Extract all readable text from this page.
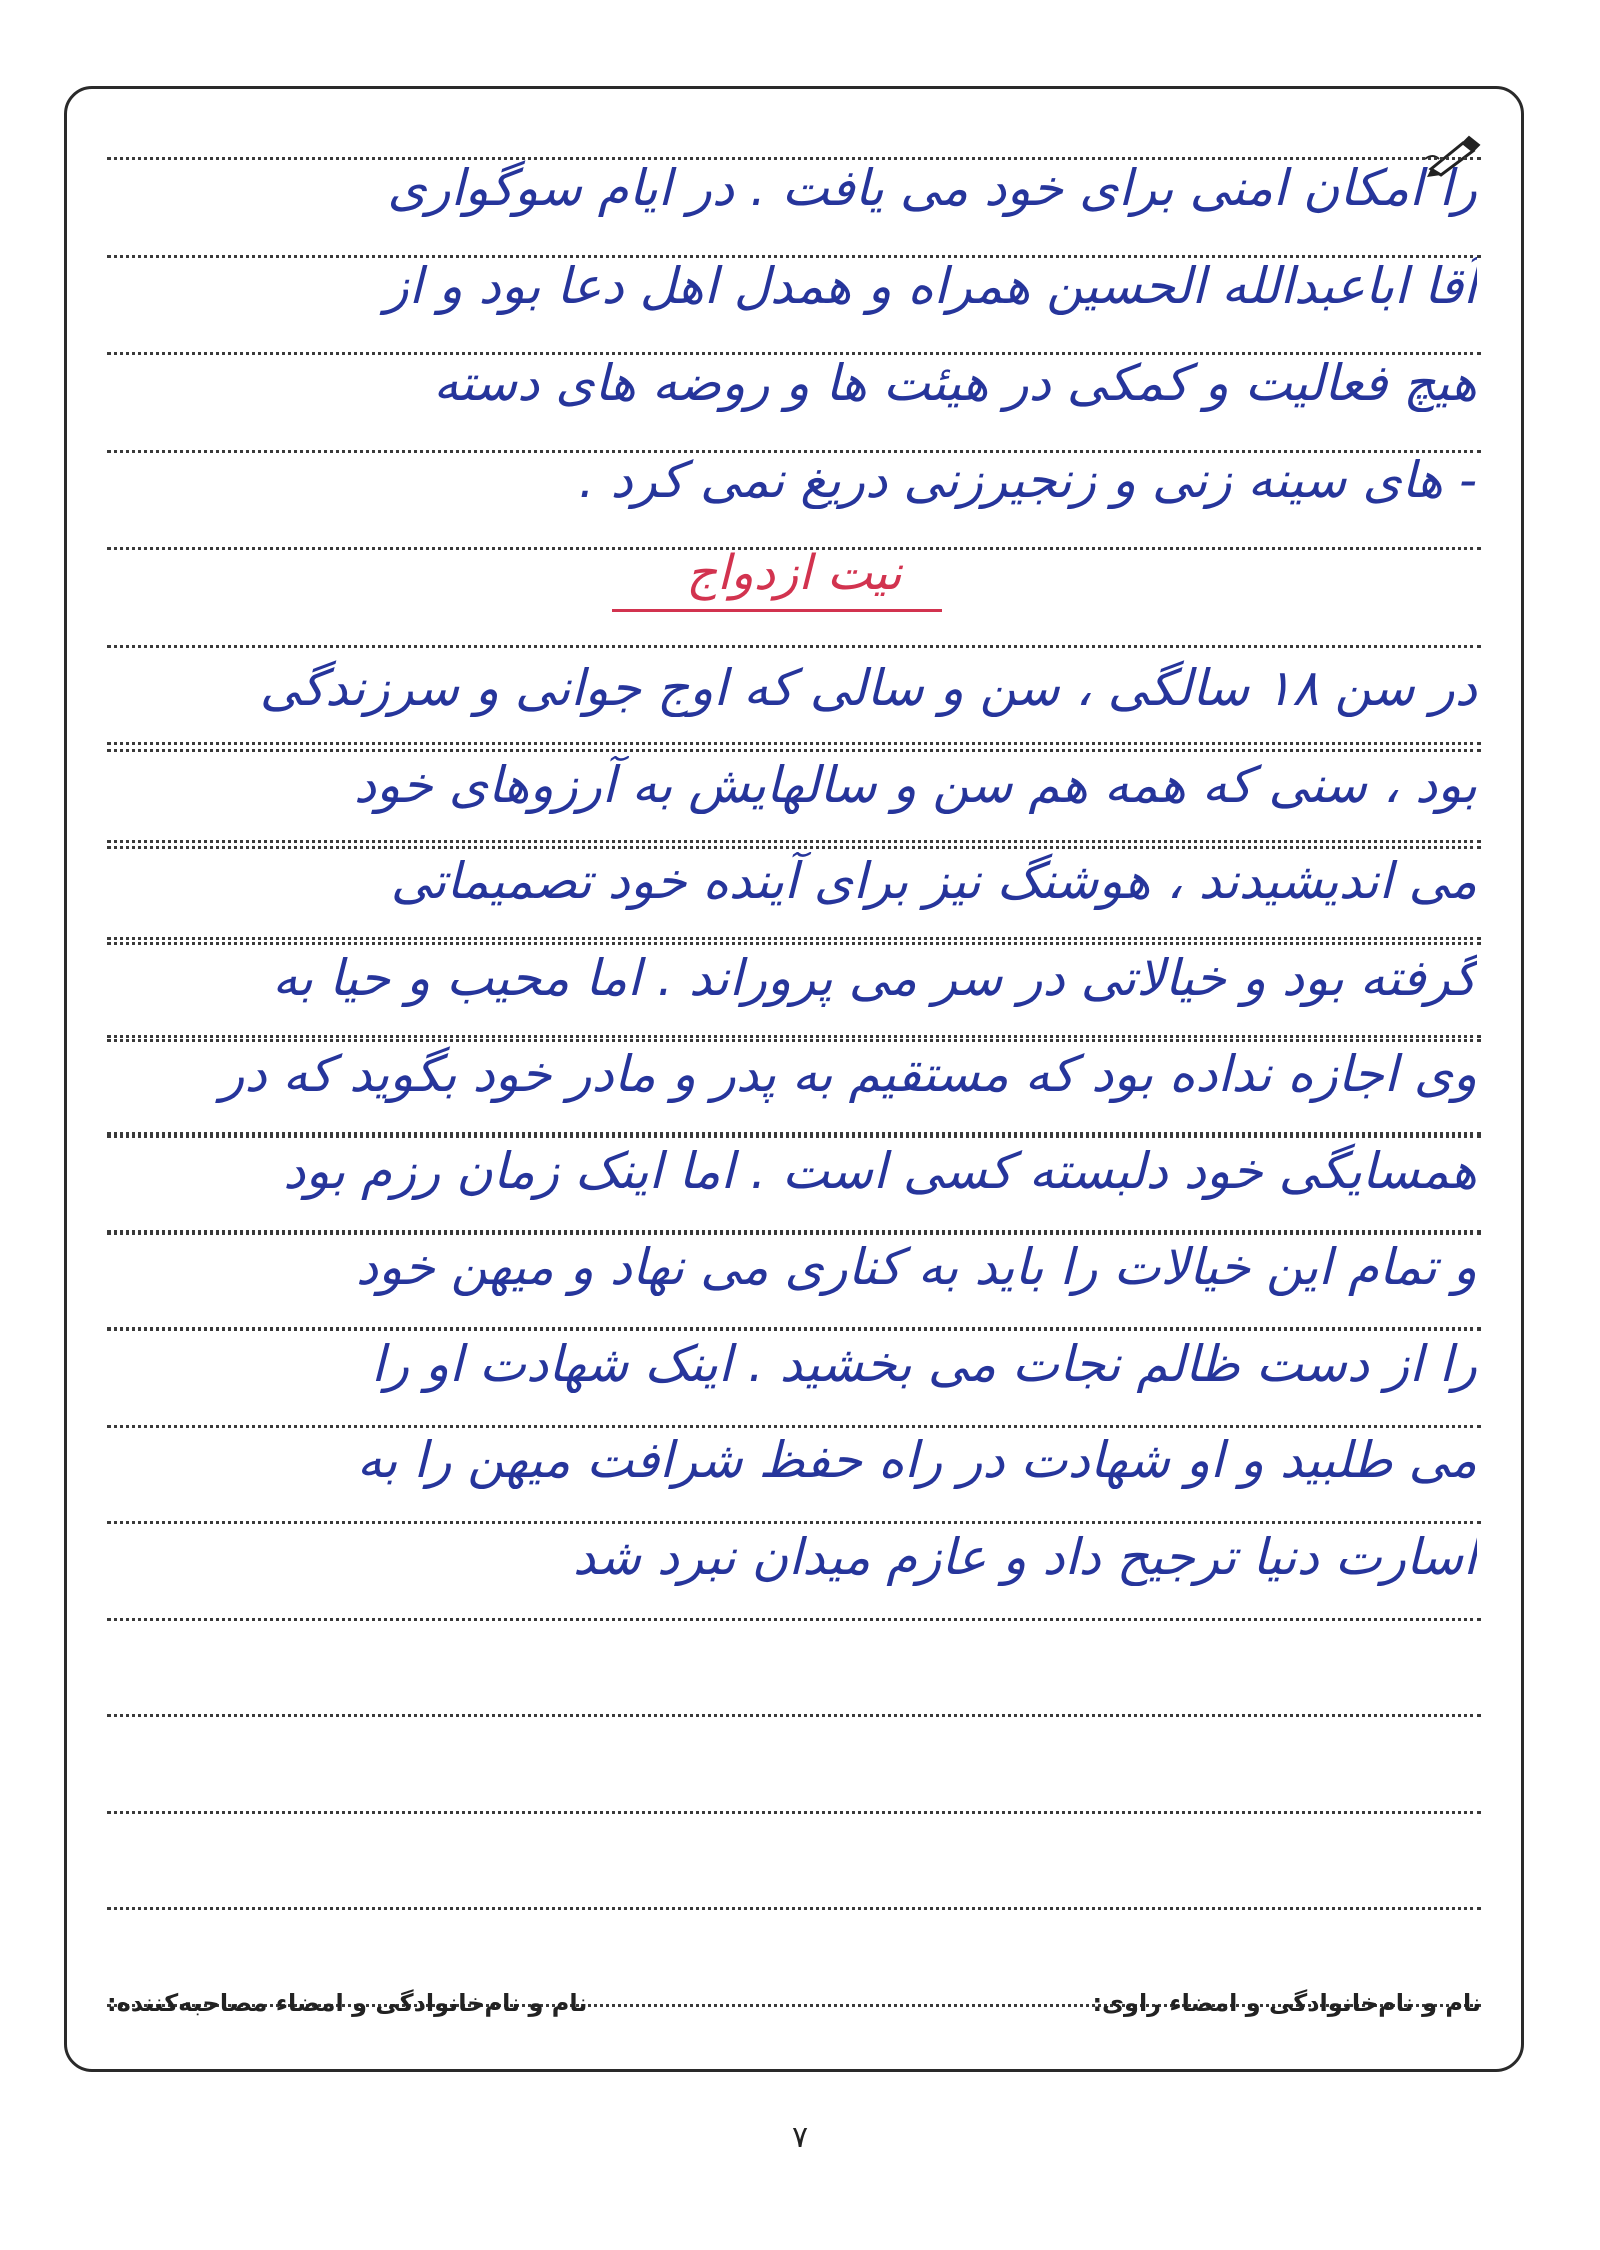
را امکان امنی برای خود می یافت . در ایام سوگواری
آقا اباعبدالله الحسین همراه و همدل اهل دعا بود و از
هیچ فعالیت و کمکی در هیئت ها و روضه های دسته
- های سینه زنی و زنجیرزنی دریغ نمی کرد .
در سن ۱۸ سالگی ، سن و سالی که اوج جوانی و سرزندگی
بود ، سنی که همه هم سن و سالهایش به آرزوهای خود
می اندیشیدند ، هوشنگ نیز برای آینده خود تصمیماتی
گرفته بود و خیالاتی در سر می پروراند . اما محیب و حیا به
وی اجازه نداده بود که مستقیم به پدر و مادر خود بگوید که در
همسایگی خود دلبسته کسی است . اما اینک زمان رزم بود
و تمام این خیالات را باید به کناری می نهاد و میهن خود
را از دست ظالم نجات می بخشید . اینک شهادت او را
می طلبید و او شهادت در راه حفظ شرافت میهن را به
اسارت دنیا ترجیح داد و عازم میدان نبرد شد
نیت ازدواج
نام و نام‌خانوادگی و امضاء مصاحبه‌کننده:	نام و نام‌خانوادگی و امضاء راوی:
۷
